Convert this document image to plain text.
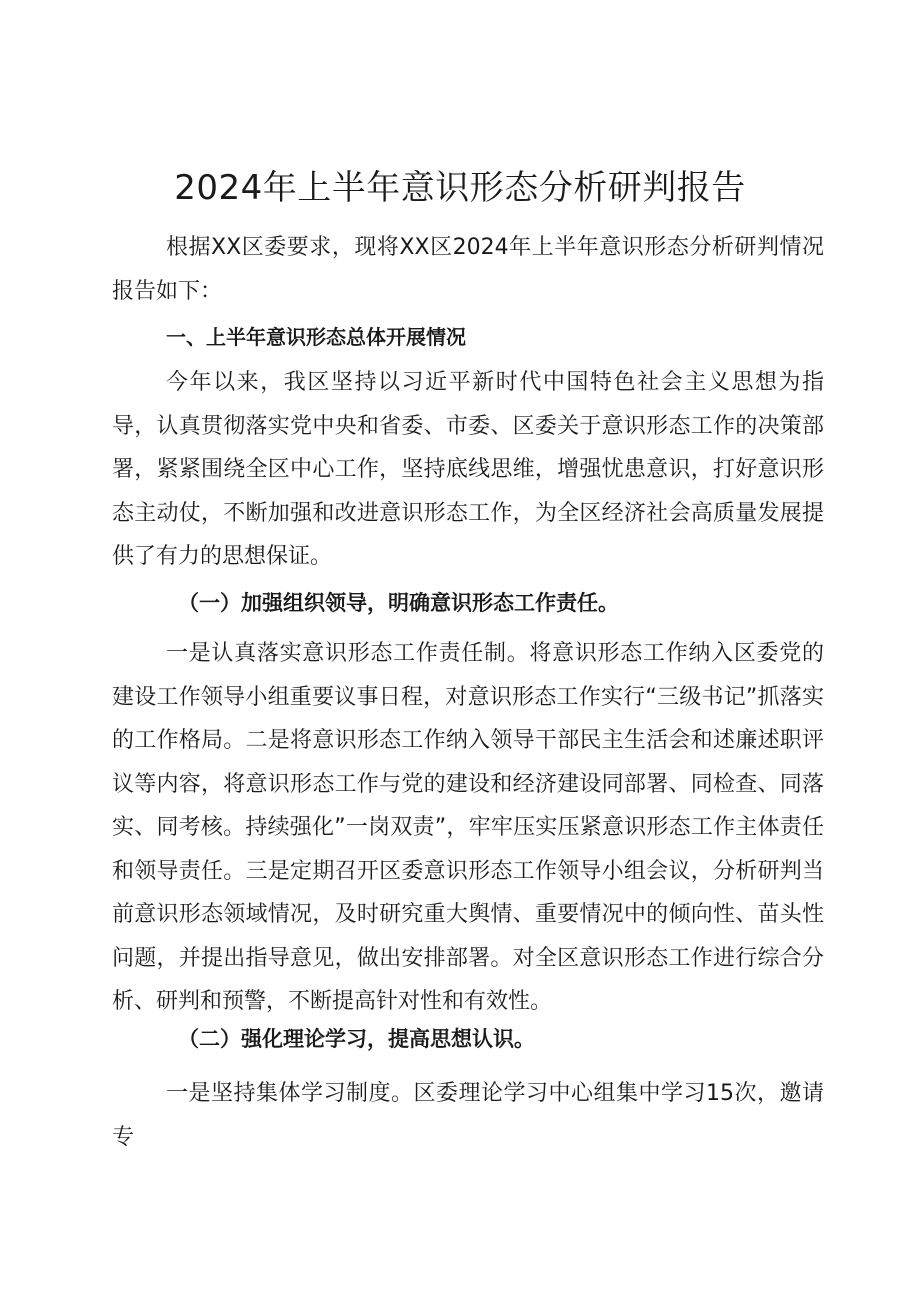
2024年上半年意识形态分析研判报告

根据XX区委要求，现将XX区2024年上半年意识形态分析研判情况报告如下：

一、上半年意识形态总体开展情况

今年以来，我区坚持以习近平新时代中国特色社会主义思想为指导，认真贯彻落实党中央和省委、市委、区委关于意识形态工作的决策部署，紧紧围绕全区中心工作，坚持底线思维，增强忧患意识，打好意识形态主动仗，不断加强和改进意识形态工作，为全区经济社会高质量发展提供了有力的思想保证。

（一）加强组织领导，明确意识形态工作责任。

一是认真落实意识形态工作责任制。将意识形态工作纳入区委党的建设工作领导小组重要议事日程，对意识形态工作实行“三级书记”抓落实的工作格局。二是将意识形态工作纳入领导干部民主生活会和述廉述职评议等内容，将意识形态工作与党的建设和经济建设同部署、同检查、同落实、同考核。持续强化”一岗双责”，牢牢压实压紧意识形态工作主体责任和领导责任。三是定期召开区委意识形态工作领导小组会议，分析研判当前意识形态领域情况，及时研究重大舆情、重要情况中的倾向性、苗头性问题，并提出指导意见，做出安排部署。对全区意识形态工作进行综合分析、研判和预警，不断提高针对性和有效性。

（二）强化理论学习，提高思想认识。

一是坚持集体学习制度。区委理论学习中心组集中学习15次，邀请专
